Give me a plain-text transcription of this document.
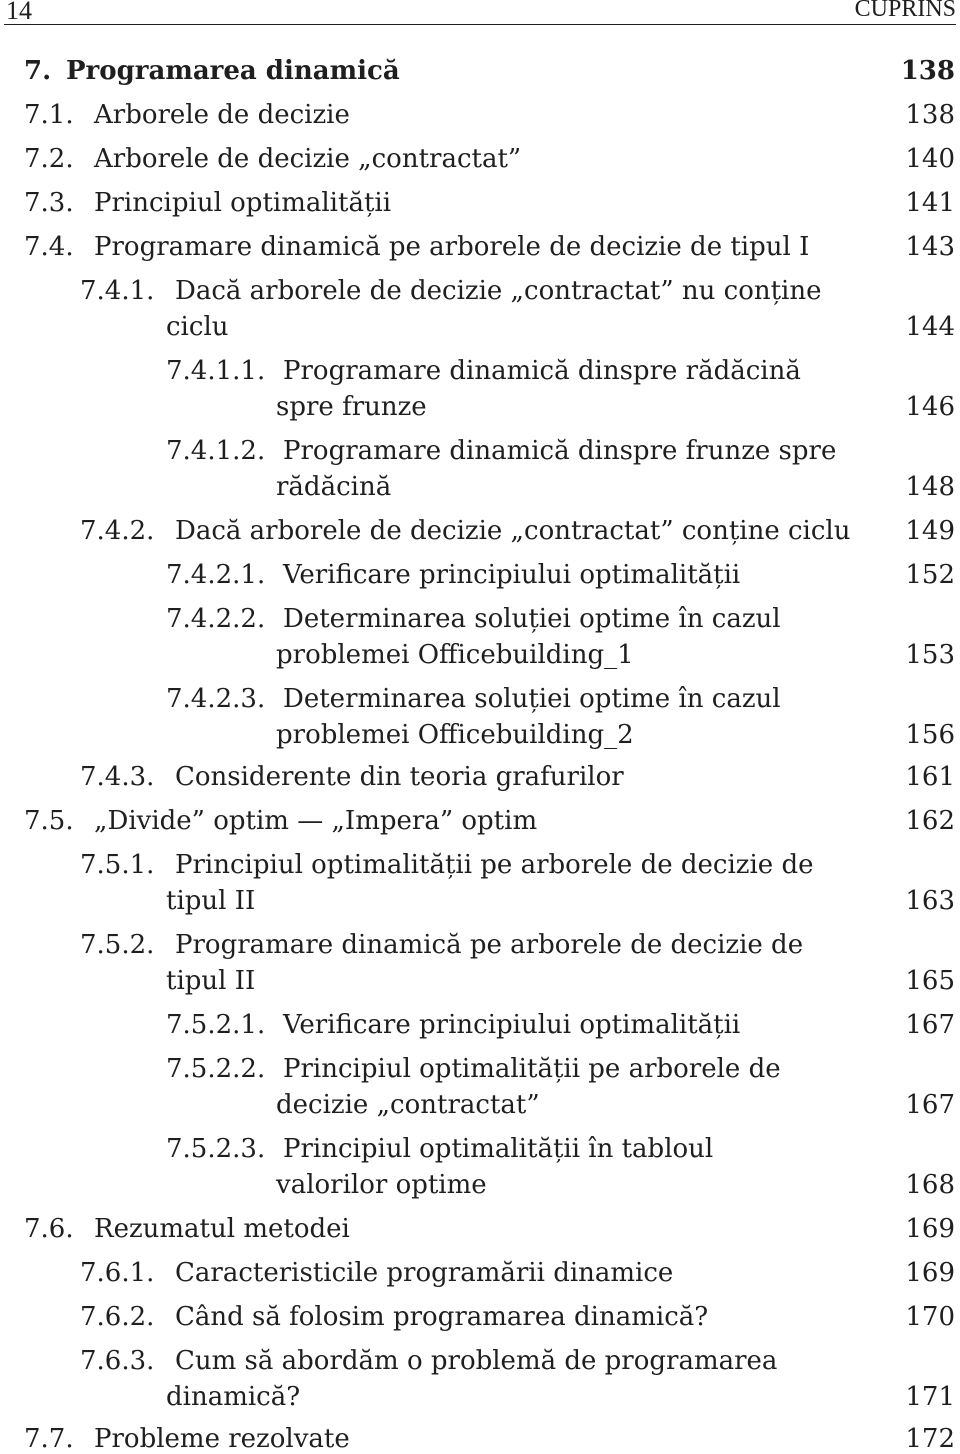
14	CUPRINS
7. Programarea dinamică	138
7.1. Arborele de decizie	138
7.2. Arborele de decizie „contractat”	140
7.3. Principiul optimalității	141
7.4. Programare dinamică pe arborele de decizie de tipul I	143
7.4.1. Dacă arborele de decizie „contractat” nu conține
ciclu	144
7.4.1.1. Programare dinamică dinspre rădăcină
spre frunze	146
7.4.1.2. Programare dinamică dinspre frunze spre
rădăcină	148
7.4.2. Dacă arborele de decizie „contractat” conține ciclu 149
7.4.2.1. Verificare principiului optimalității	152
7.4.2.2. Determinarea soluției optime în cazul
problemei Officebuilding_1	153
7.4.2.3. Determinarea soluției optime în cazul
problemei Officebuilding_2	156
7.4.3. Considerente din teoria grafurilor	161
7.5. „Divide” optim — „Impera” optim	162
7.5.1. Principiul optimalității pe arborele de decizie de
tipul II	163
7.5.2. Programare dinamică pe arborele de decizie de
tipul II	165
7.5.2.1. Verificare principiului optimalității	167
7.5.2.2. Principiul optimalității pe arborele de
decizie „contractat”	167
7.5.2.3. Principiul optimalității în tabloul
valorilor optime	168
7.6. Rezumatul metodei	169
7.6.1. Caracteristicile programării dinamice	169
7.6.2. Când să folosim programarea dinamică?	170
7.6.3. Cum să abordăm o problemă de programarea
dinamică?	171
7.7. Probleme rezolvate	172
